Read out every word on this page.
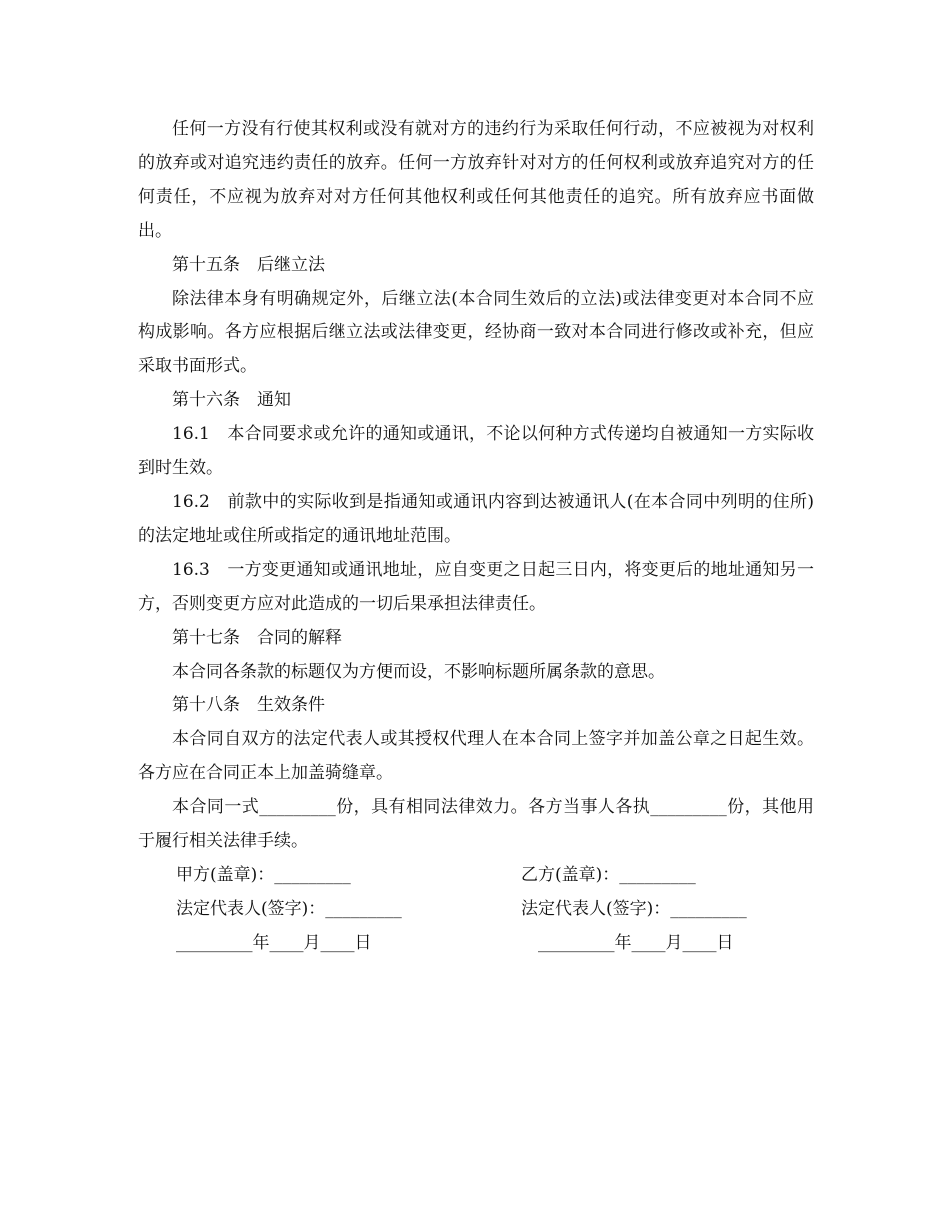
任何一方没有行使其权利或没有就对方的违约行为采取任何行动，不应被视为对权利的放弃或对追究违约责任的放弃。任何一方放弃针对对方的任何权利或放弃追究对方的任何责任，不应视为放弃对对方任何其他权利或任何其他责任的追究。所有放弃应书面做出。

第十五条　后继立法

除法律本身有明确规定外，后继立法(本合同生效后的立法)或法律变更对本合同不应构成影响。各方应根据后继立法或法律变更，经协商一致对本合同进行修改或补充，但应采取书面形式。

第十六条　通知

16.1　本合同要求或允许的通知或通讯，不论以何种方式传递均自被通知一方实际收到时生效。

16.2　前款中的实际收到是指通知或通讯内容到达被通讯人(在本合同中列明的住所)的法定地址或住所或指定的通讯地址范围。

16.3　一方变更通知或通讯地址，应自变更之日起三日内，将变更后的地址通知另一方，否则变更方应对此造成的一切后果承担法律责任。

第十七条　合同的解释

本合同各条款的标题仅为方便而设，不影响标题所属条款的意思。

第十八条　生效条件

本合同自双方的法定代表人或其授权代理人在本合同上签字并加盖公章之日起生效。各方应在合同正本上加盖骑缝章。

本合同一式_________份，具有相同法律效力。各方当事人各执_________份，其他用于履行相关法律手续。

甲方(盖章)：_________	乙方(盖章)：_________
法定代表人(签字)：_________	法定代表人(签字)：_________
_________年____月____日	_________年____月____日
